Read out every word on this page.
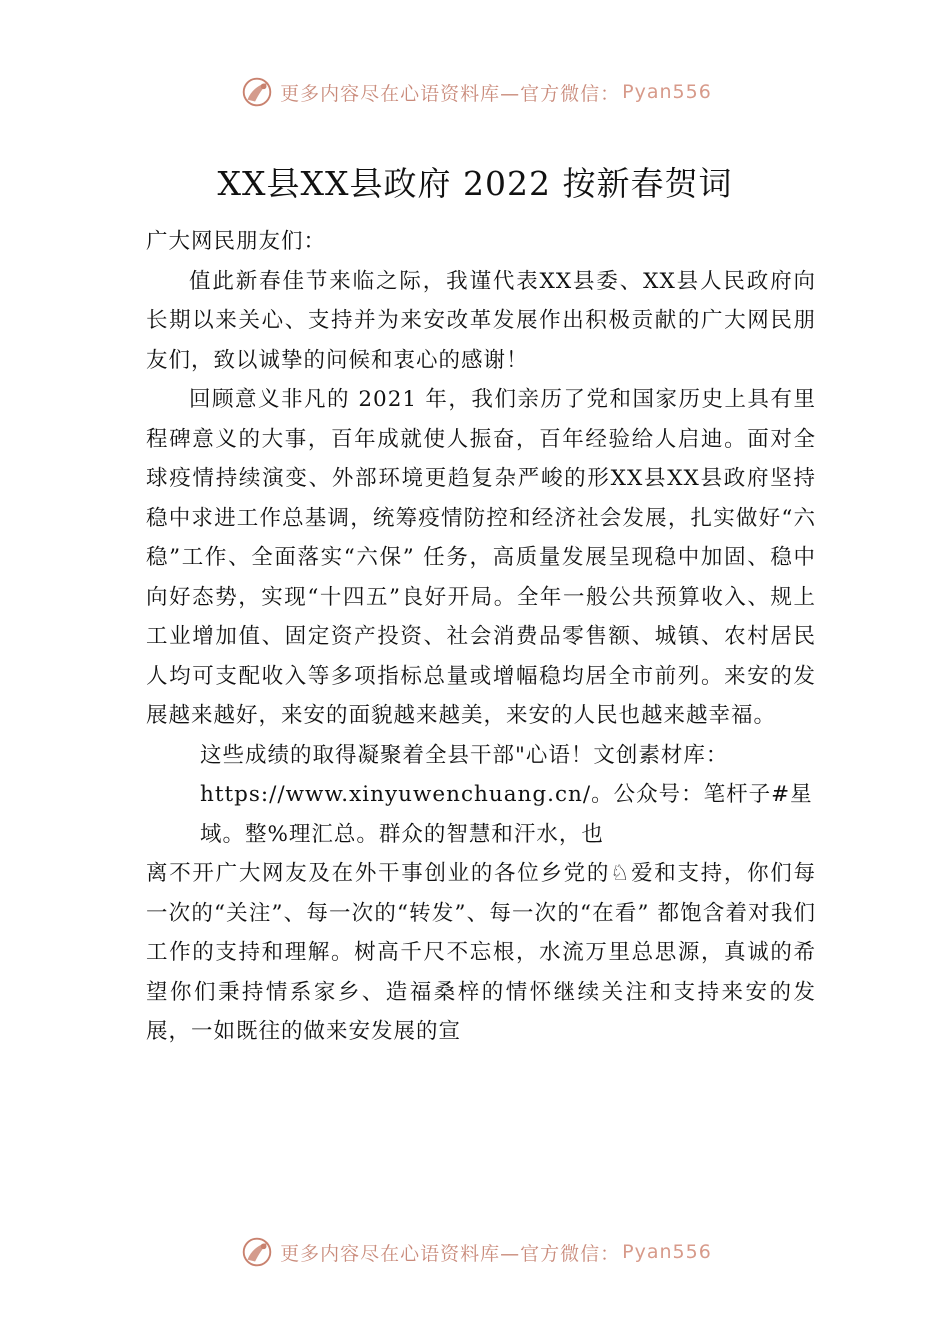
更多内容尽在心语资料库—官方微信： Pyan556
XX县XX县政府 2022 按新春贺词

广大网民朋友们：

值此新春佳节来临之际，我谨代表XX县委、XX县人民政府向长期以来关心、支持并为来安改革发展作出积极贡献的广大网民朋友们，致以诚挚的问候和衷心的感谢！

回顾意义非凡的 2021 年，我们亲历了党和国家历史上具有里程碑意义的大事，百年成就使人振奋，百年经验给人启迪。面对全球疫情持续演变、外部环境更趋复杂严峻的形XX县XX县政府坚持稳中求进工作总基调，统筹疫情防控和经济社会发展，扎实做好“六稳”工作、全面落实“六保” 任务，高质量发展呈现稳中加固、稳中向好态势，实现“十四五”良好开局。全年一般公共预算收入、规上工业增加值、固定资产投资、社会消费品零售额、城镇、农村居民人均可支配收入等多项指标总量或增幅稳均居全市前列。来安的发展越来越好，来安的面貌越来越美，来安的人民也越来越幸福。

这些成绩的取得凝聚着全县干部"心语！文创素材库：https://www.xinyuwenchuang.cn/。公众号：笔杆子#星域。整%理汇总。群众的智慧和汗水，也

离不开广大网友及在外干事创业的各位乡党的♘爱和支持，你们每一次的“关注”、每一次的“转发”、每一次的“在看” 都饱含着对我们工作的支持和理解。树高千尺不忘根，水流万里总思源，真诚的希望你们秉持情系家乡、造福桑梓的情怀继续关注和支持来安的发展，一如既往的做来安发展的宣

更多内容尽在心语资料库—官方微信： Pyan556
